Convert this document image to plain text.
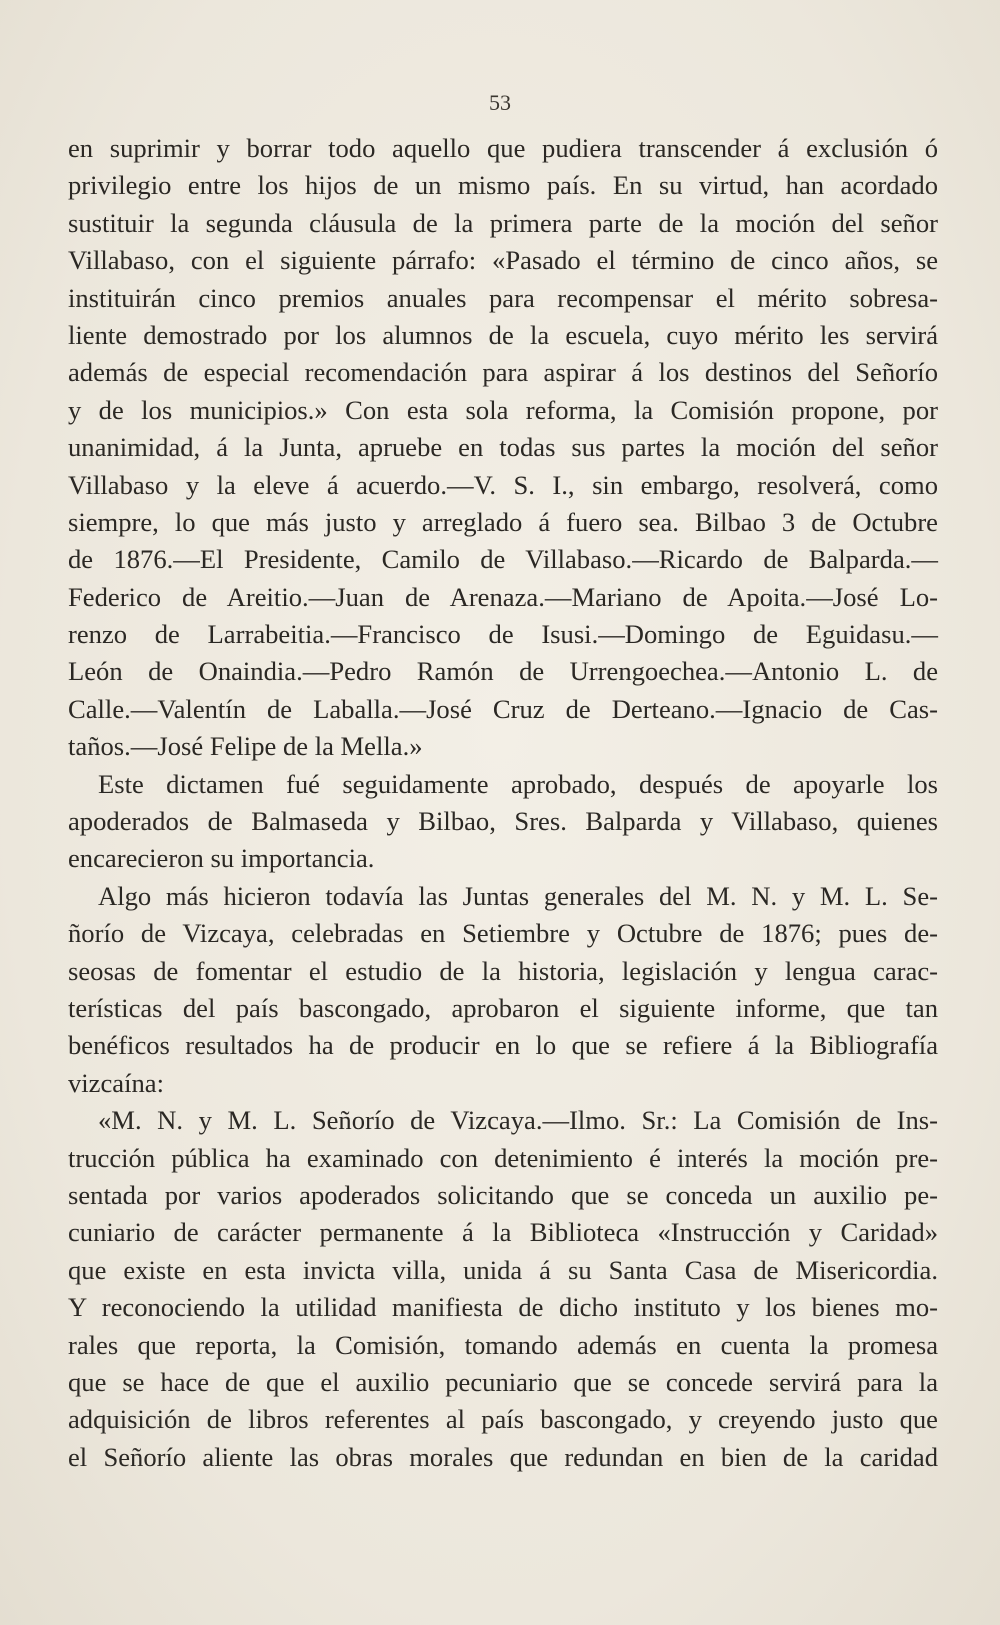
53
en suprimir y borrar todo aquello que pudiera transcender á exclusión ó
privilegio entre los hijos de un mismo país. En su virtud, han acordado
sustituir la segunda cláusula de la primera parte de la moción del señor
Villabaso, con el siguiente párrafo: «Pasado el término de cinco años, se
instituirán cinco premios anuales para recompensar el mérito sobresa-
liente demostrado por los alumnos de la escuela, cuyo mérito les servirá
además de especial recomendación para aspirar á los destinos del Señorío
y de los municipios.» Con esta sola reforma, la Comisión propone, por
unanimidad, á la Junta, apruebe en todas sus partes la moción del señor
Villabaso y la eleve á acuerdo.—V. S. I., sin embargo, resolverá, como
siempre, lo que más justo y arreglado á fuero sea. Bilbao 3 de Octubre
de 1876.—El Presidente, Camilo de Villabaso.—Ricardo de Balparda.—
Federico de Areitio.—Juan de Arenaza.—Mariano de Apoita.—José Lo-
renzo de Larrabeitia.—Francisco de Isusi.—Domingo de Eguidasu.—
León de Onaindia.—Pedro Ramón de Urrengoechea.—Antonio L. de
Calle.—Valentín de Laballa.—José Cruz de Derteano.—Ignacio de Cas-
taños.—José Felipe de la Mella.»
Este dictamen fué seguidamente aprobado, después de apoyarle los
apoderados de Balmaseda y Bilbao, Sres. Balparda y Villabaso, quienes
encarecieron su importancia.
Algo más hicieron todavía las Juntas generales del M. N. y M. L. Se-
ñorío de Vizcaya, celebradas en Setiembre y Octubre de 1876; pues de-
seosas de fomentar el estudio de la historia, legislación y lengua carac-
terísticas del país bascongado, aprobaron el siguiente informe, que tan
benéficos resultados ha de producir en lo que se refiere á la Bibliografía
vizcaína:
«M. N. y M. L. Señorío de Vizcaya.—Ilmo. Sr.: La Comisión de Ins-
trucción pública ha examinado con detenimiento é interés la moción pre-
sentada por varios apoderados solicitando que se conceda un auxilio pe-
cuniario de carácter permanente á la Biblioteca «Instrucción y Caridad»
que existe en esta invicta villa, unida á su Santa Casa de Misericordia.
Y reconociendo la utilidad manifiesta de dicho instituto y los bienes mo-
rales que reporta, la Comisión, tomando además en cuenta la promesa
que se hace de que el auxilio pecuniario que se concede servirá para la
adquisición de libros referentes al país bascongado, y creyendo justo que
el Señorío aliente las obras morales que redundan en bien de la caridad
